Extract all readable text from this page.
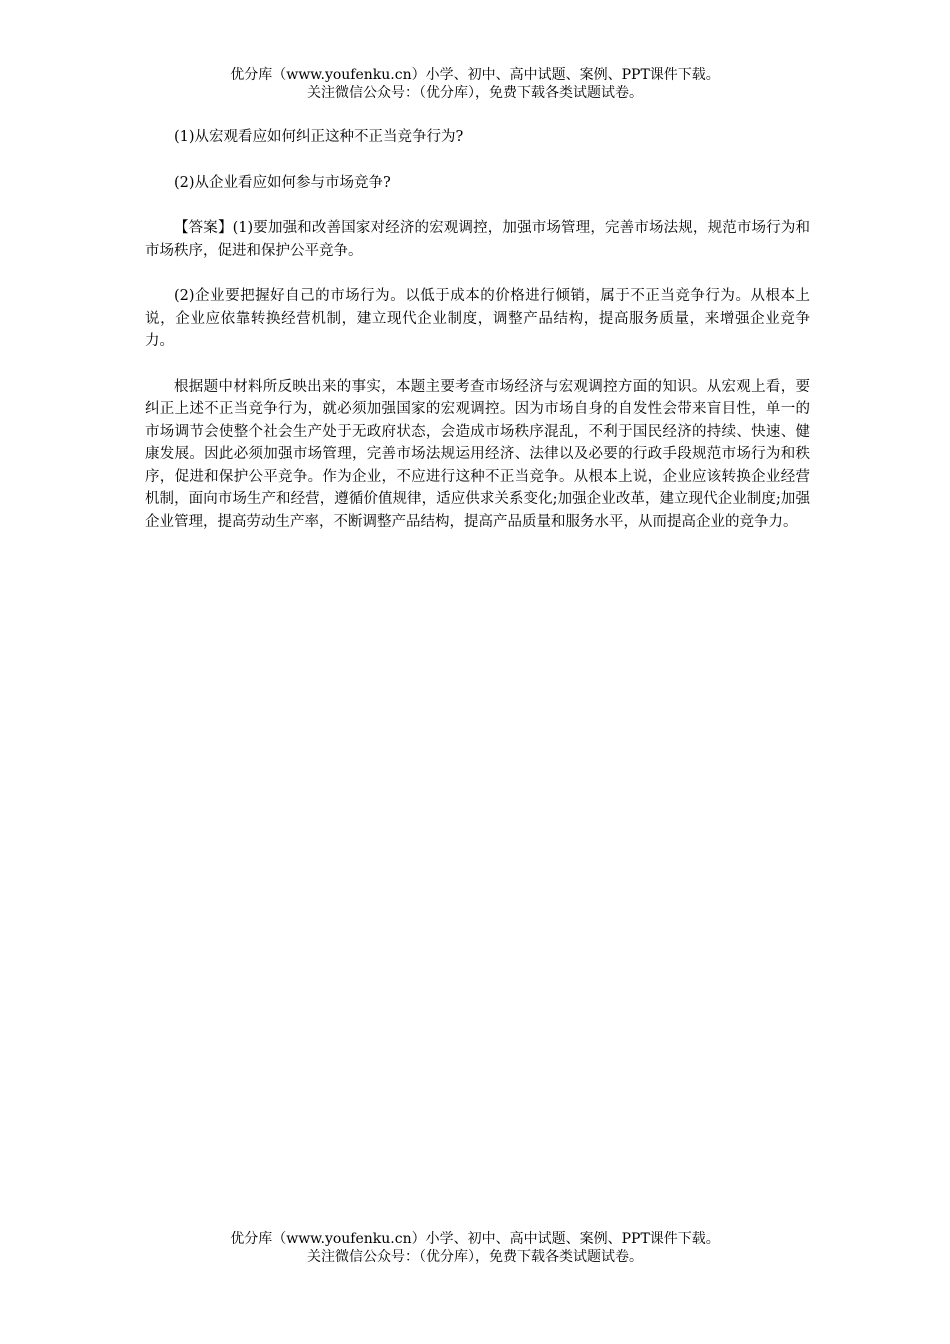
优分库（www.youfenku.cn）小学、初中、高中试题、案例、PPT课件下载。
关注微信公众号：（优分库），免费下载各类试题试卷。

(1)从宏观看应如何纠正这种不正当竞争行为?

(2)从企业看应如何参与市场竞争?

【答案】(1)要加强和改善国家对经济的宏观调控，加强市场管理，完善市场法规，规范市场行为和市场秩序，促进和保护公平竞争。

(2)企业要把握好自己的市场行为。以低于成本的价格进行倾销，属于不正当竞争行为。从根本上说，企业应依靠转换经营机制，建立现代企业制度，调整产品结构，提高服务质量，来增强企业竞争力。

根据题中材料所反映出来的事实，本题主要考查市场经济与宏观调控方面的知识。从宏观上看，要纠正上述不正当竞争行为，就必须加强国家的宏观调控。因为市场自身的自发性会带来盲目性，单一的市场调节会使整个社会生产处于无政府状态，会造成市场秩序混乱，不利于国民经济的持续、快速、健康发展。因此必须加强市场管理，完善市场法规运用经济、法律以及必要的行政手段规范市场行为和秩序，促进和保护公平竞争。作为企业，不应进行这种不正当竞争。从根本上说，企业应该转换企业经营机制，面向市场生产和经营，遵循价值规律，适应供求关系变化;加强企业改革，建立现代企业制度;加强企业管理，提高劳动生产率，不断调整产品结构，提高产品质量和服务水平，从而提高企业的竞争力。

优分库（www.youfenku.cn）小学、初中、高中试题、案例、PPT课件下载。
关注微信公众号：（优分库），免费下载各类试题试卷。
